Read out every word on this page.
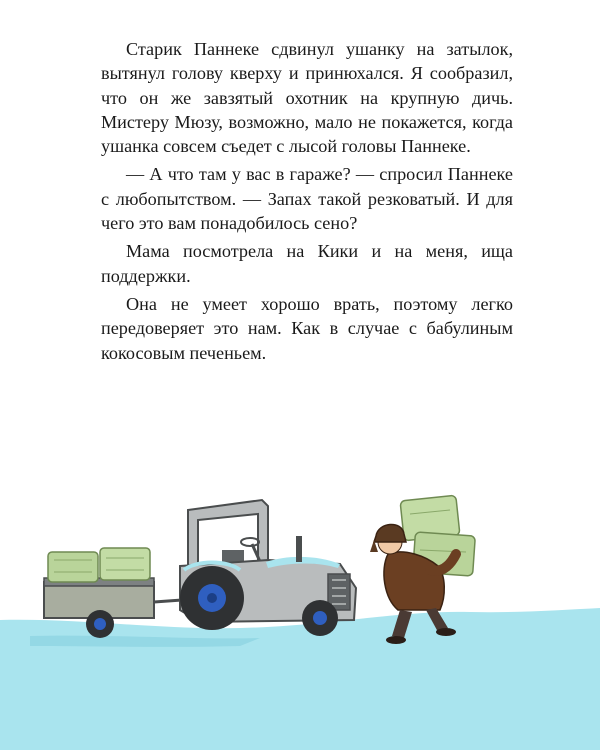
Старик Паннеке сдвинул ушанку на затылок, вытянул голову кверху и принюхался. Я сообразил, что он же завзятый охотник на крупную дичь. Мистеру Мюзу, возможно, мало не покажется, когда ушанка совсем съедет с лысой головы Паннеке.

— А что там у вас в гараже? — спросил Паннеке с любопытством. — Запах такой резковатый. И для чего это вам понадобилось сено?

Мама посмотрела на Кики и на меня, ища поддержки.

Она не умеет хорошо врать, поэтому легко передоверяет это нам. Как в случае с бабулиным кокосовым печеньем.
